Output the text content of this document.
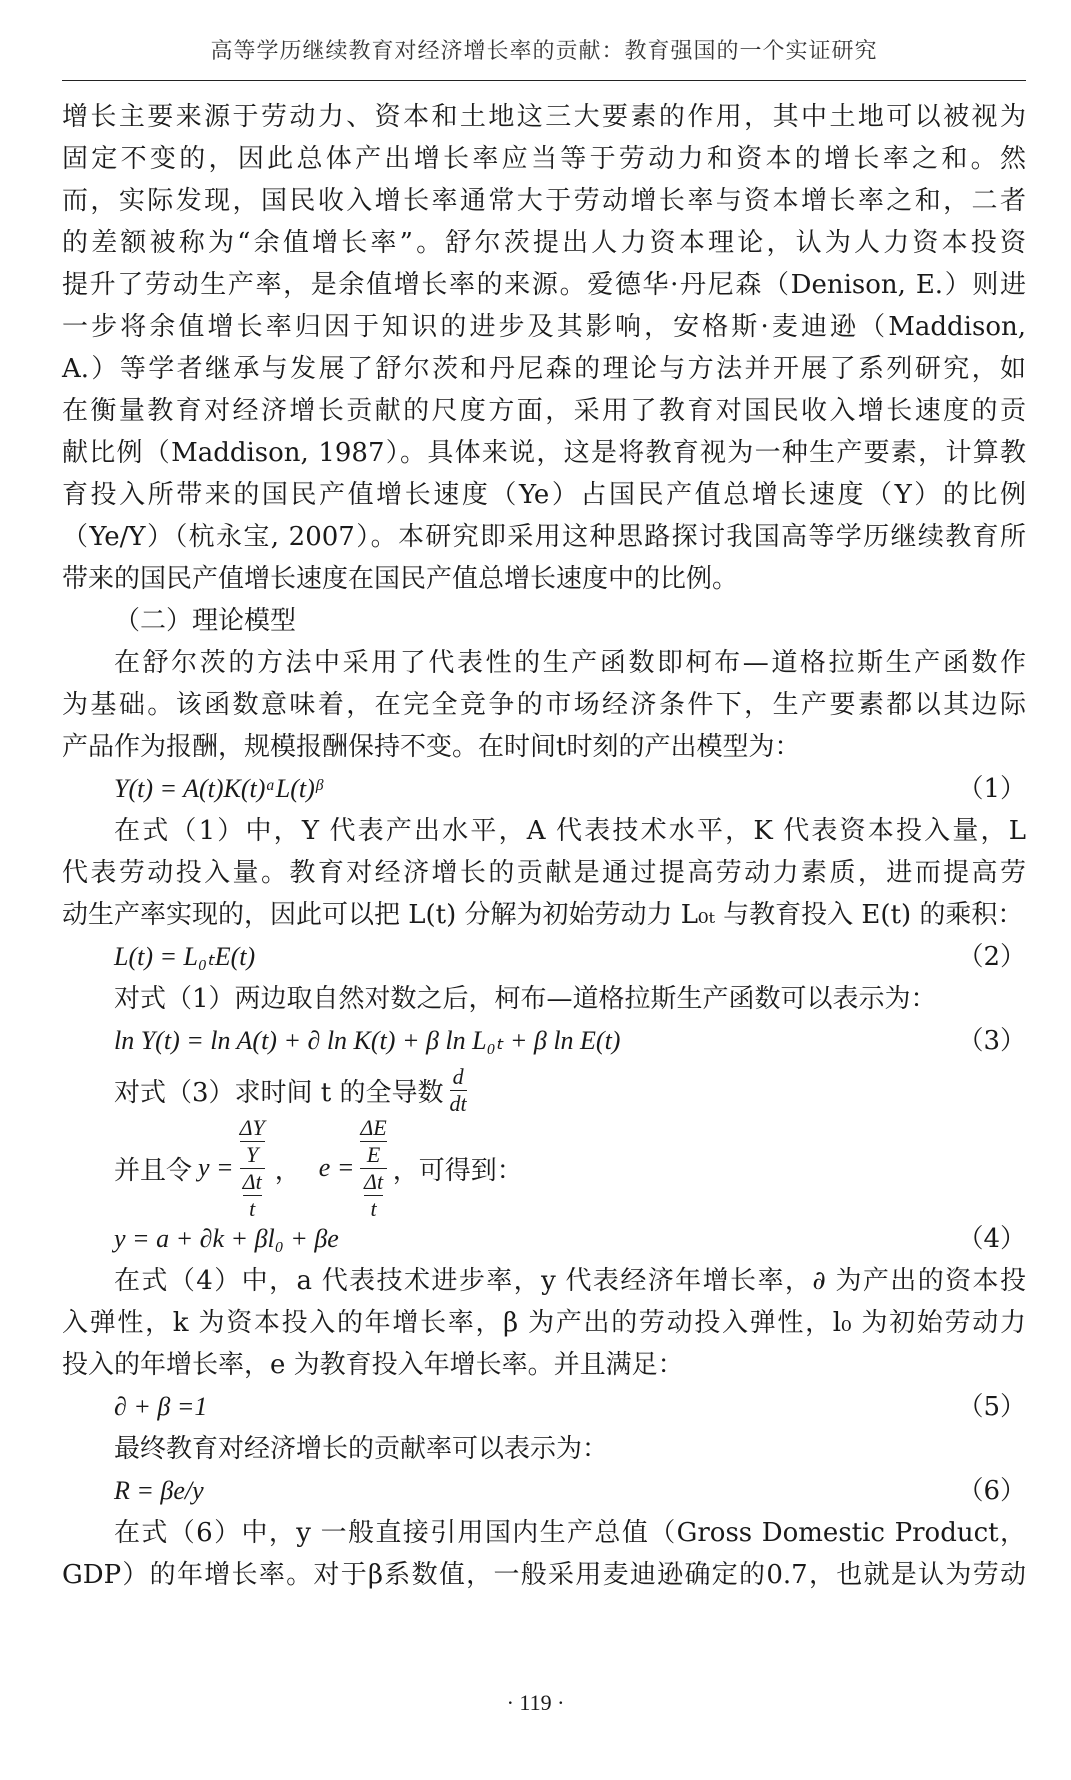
高等学历继续教育对经济增长率的贡献：教育强国的一个实证研究
增长主要来源于劳动力、资本和土地这三大要素的作用，其中土地可以被视为
固定不变的，因此总体产出增长率应当等于劳动力和资本的增长率之和。然
而，实际发现，国民收入增长率通常大于劳动增长率与资本增长率之和，二者
的差额被称为“余值增长率”。舒尔茨提出人力资本理论，认为人力资本投资
提升了劳动生产率，是余值增长率的来源。爱德华·丹尼森（Denison, E.）则进
一步将余值增长率归因于知识的进步及其影响，安格斯·麦迪逊（Maddison,
A.）等学者继承与发展了舒尔茨和丹尼森的理论与方法并开展了系列研究，如
在衡量教育对经济增长贡献的尺度方面，采用了教育对国民收入增长速度的贡
献比例（Maddison, 1987）。具体来说，这是将教育视为一种生产要素，计算教
育投入所带来的国民产值增长速度（Ye）占国民产值总增长速度（Y）的比例
（Ye/Y）（杭永宝, 2007）。本研究即采用这种思路探讨我国高等学历继续教育所
带来的国民产值增长速度在国民产值总增长速度中的比例。
（二）理论模型
在舒尔茨的方法中采用了代表性的生产函数即柯布—道格拉斯生产函数作
为基础。该函数意味着，在完全竞争的市场经济条件下，生产要素都以其边际
产品作为报酬，规模报酬保持不变。在时间t时刻的产出模型为：
Y(t) = A(t)K(t)ᵃL(t)ᵝ	（1）
在式（1）中，Y 代表产出水平，A 代表技术水平，K 代表资本投入量，L
代表劳动投入量。教育对经济增长的贡献是通过提高劳动力素质，进而提高劳
动生产率实现的，因此可以把 L(t) 分解为初始劳动力 L₀ₜ 与教育投入 E(t) 的乘积：
L(t) = L₀ₜE(t)	（2）
对式（1）两边取自然对数之后，柯布—道格拉斯生产函数可以表示为：
ln Y(t) = ln A(t) + ∂ ln K(t) + β ln L₀ₜ + β ln E(t)	（3）
对式（3）求时间 t 的全导数 $\frac{d}{dt}$
并且令 $y = \frac{\frac{\Delta Y}{Y}}{\frac{\Delta t}{t}}$ ， $e = \frac{\frac{\Delta E}{E}}{\frac{\Delta t}{t}}$ ，可得到：
y = a + ∂k + βl₀ + βe	（4）
在式（4）中，a 代表技术进步率，y 代表经济年增长率，∂ 为产出的资本投
入弹性，k 为资本投入的年增长率，β 为产出的劳动投入弹性，l₀ 为初始劳动力
投入的年增长率，e 为教育投入年增长率。并且满足：
∂ + β =1	（5）
最终教育对经济增长的贡献率可以表示为：
R = βe/y	（6）
在式（6）中，y 一般直接引用国内生产总值（Gross Domestic Product，
GDP）的年增长率。对于β系数值，一般采用麦迪逊确定的0.7，也就是认为劳动
· 119 ·
